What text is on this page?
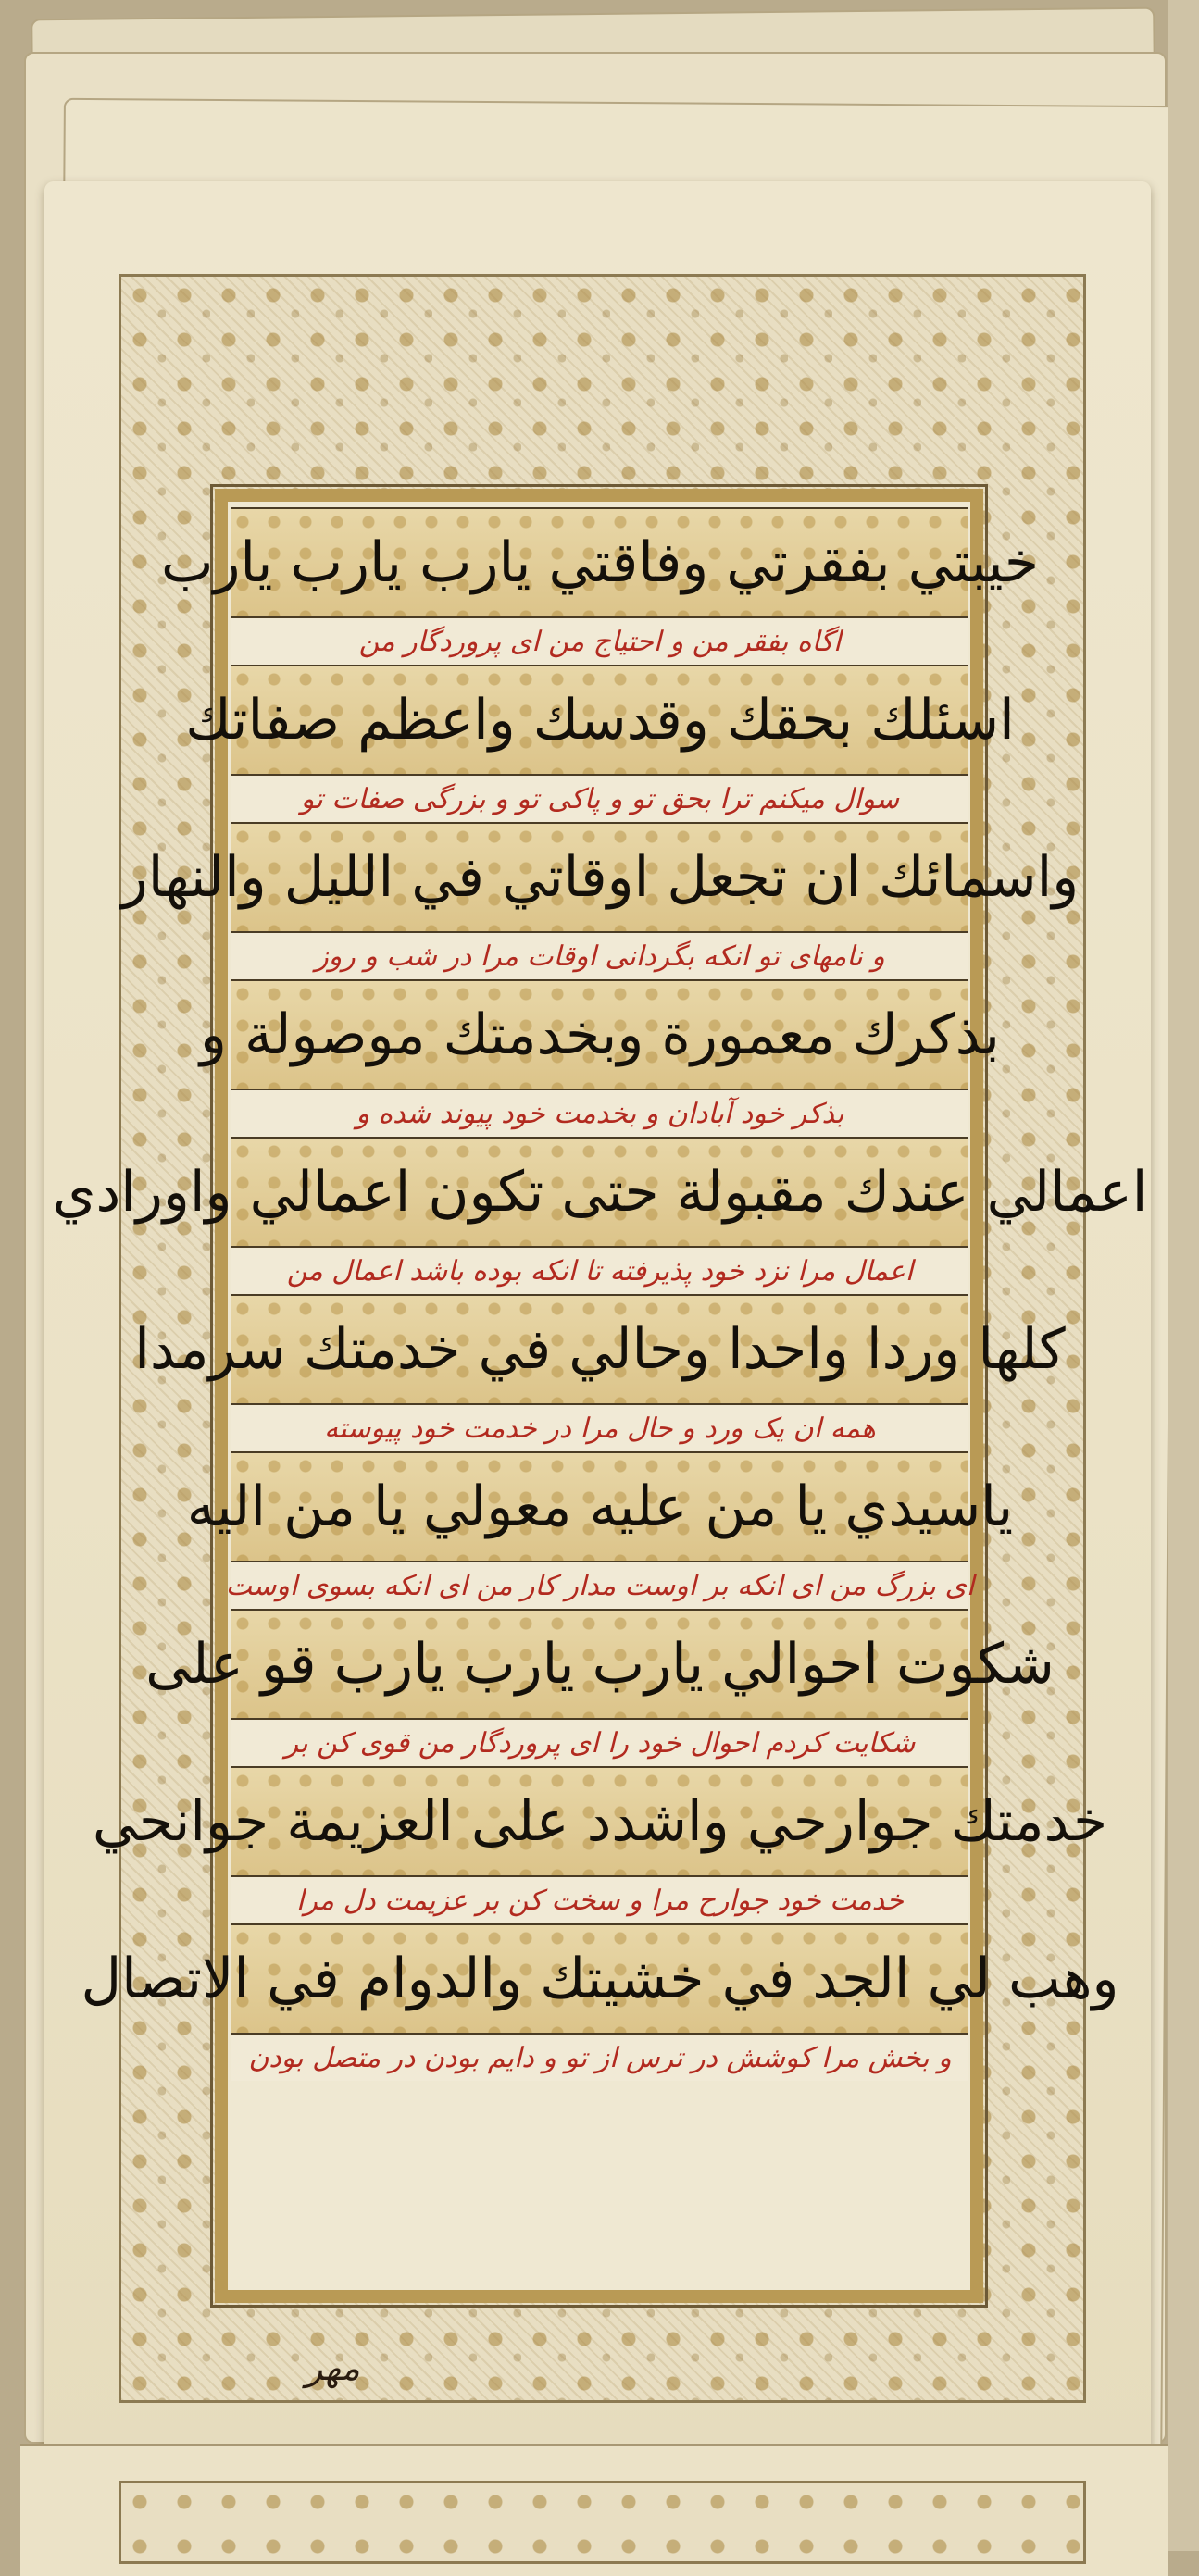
خيبتي بفقرتي وفاقتي يارب يارب يارب
اگاه بفقر من و احتیاج من ای پروردگار من
اسئلك بحقك وقدسك واعظم صفاتك
سوال میکنم ترا بحق تو و پاکی تو و بزرگی صفات تو
واسمائك ان تجعل اوقاتي في الليل والنهار
و نامهای تو انکه بگردانی اوقات مرا در شب و روز
بذكرك معمورة وبخدمتك موصولة و
بذکر خود آبادان و بخدمت خود پیوند شده و
اعمالي عندك مقبولة حتى تكون اعمالي واورادي
اعمال مرا نزد خود پذیرفته تا انکه بوده باشد اعمال من
كلها وردا واحدا وحالي في خدمتك سرمدا
همه ان یک ورد و حال مرا در خدمت خود پیوسته
ياسيدي يا من عليه معولي يا من اليه
ای بزرگ من ای انکه بر اوست مدار کار من ای انکه بسوی اوست
شكوت احوالي يارب يارب يارب قو على
شکایت کردم احوال خود را ای پروردگار من قوی کن بر
خدمتك جوارحي واشدد على العزيمة جوانحي
خدمت خود جوارح مرا و سخت کن بر عزیمت دل مرا
وهب لي الجد في خشيتك والدوام في الاتصال
و بخش مرا کوشش در ترس از تو و دایم بودن در متصل بودن
مهر
